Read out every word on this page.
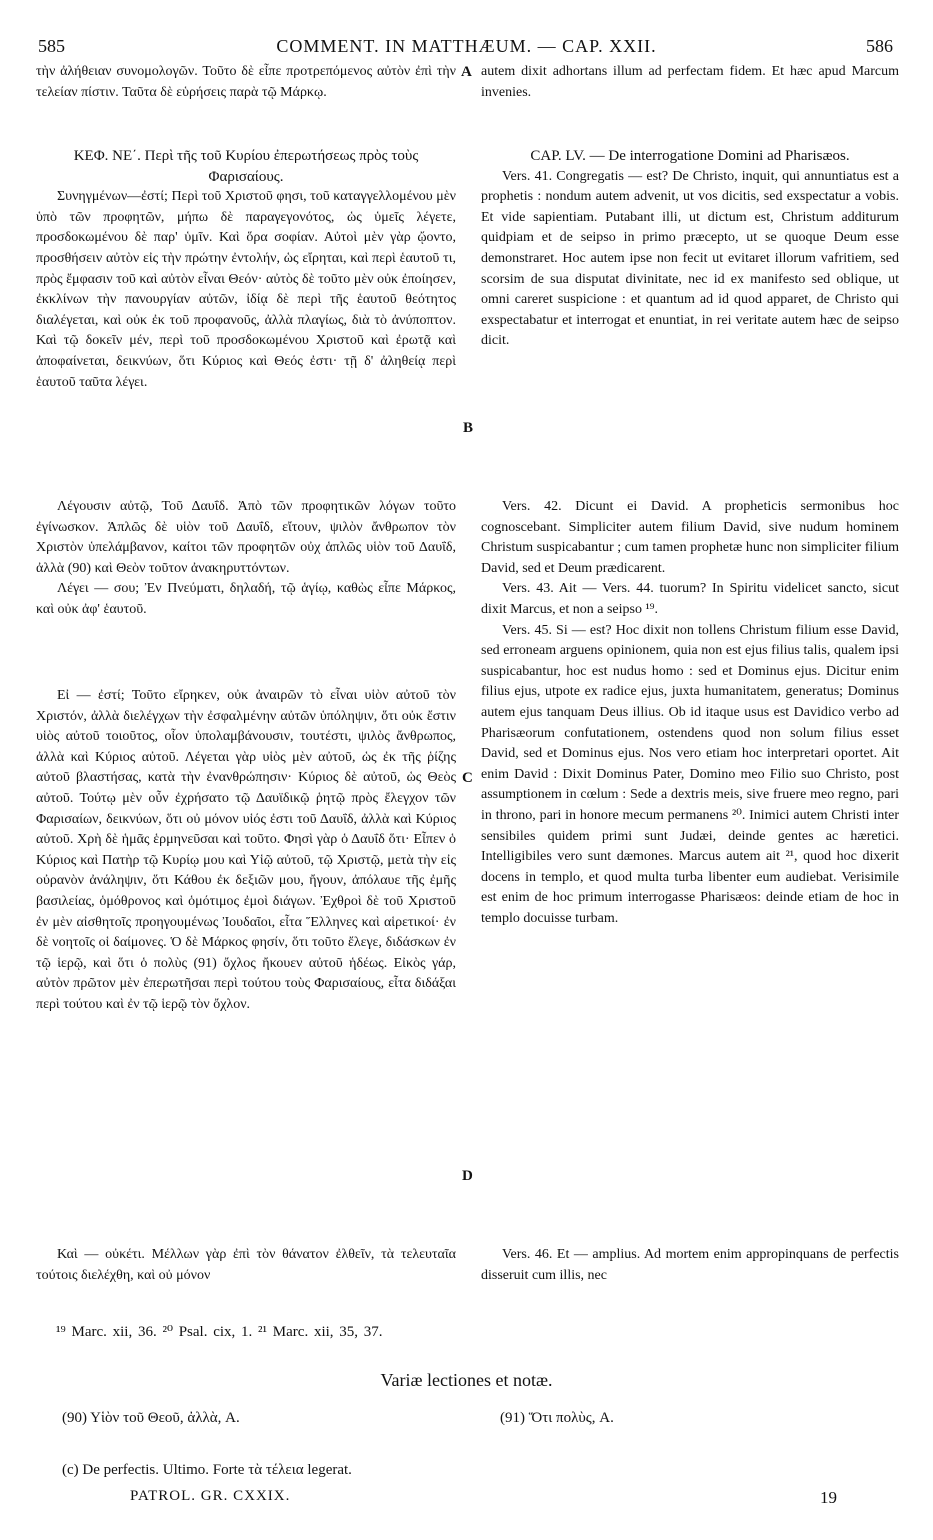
585	COMMENT. IN MATTHÆUM. — CAP. XXII.	586

τὴν ἀλήθειαν συνομολογῶν. Τοῦτο δὲ εἶπε προτρεπόμενος αὐτὸν ἐπὶ τὴν τελείαν πίστιν. Ταῦτα δὲ εὑρήσεις παρὰ τῷ Μάρκῳ.

ΚΕΦ. ΝΕ΄. Περὶ τῆς τοῦ Κυρίου ἐπερωτήσεως πρὸς τοὺς Φαρισαίους.

Συνηγμένων—ἐστί; Περὶ τοῦ Χριστοῦ φησι, τοῦ καταγγελλομένου μὲν ὑπὸ τῶν προφητῶν, μήπω δὲ παραγεγονότος, ὡς ὑμεῖς λέγετε, προσδοκωμένου δὲ παρ' ὑμῖν. Καὶ ὅρα σοφίαν. Αὐτοὶ μὲν γὰρ ᾤοντο, προσθήσειν αὐτὸν εἰς τὴν πρώτην ἐντολήν, ὡς εἴρηται, καὶ περὶ ἑαυτοῦ τι, πρὸς ἔμφασιν τοῦ καὶ αὐτὸν εἶναι Θεόν· αὐτὸς δὲ τοῦτο μὲν οὐκ ἐποίησεν, ἐκκλίνων τὴν πανουργίαν αὐτῶν, ἰδίᾳ δὲ περὶ τῆς ἑαυτοῦ θεότητος διαλέγεται, καὶ οὐκ ἐκ τοῦ προφανοῦς, ἀλλὰ πλαγίως, διὰ τὸ ἀνύποπτον. Καὶ τῷ δοκεῖν μέν, περὶ τοῦ προσδοκωμένου Χριστοῦ καὶ ἐρωτᾷ καὶ ἀποφαίνεται, δεικνύων, ὅτι Κύριος καὶ Θεός ἐστι· τῇ δ' ἀληθείᾳ περὶ ἑαυτοῦ ταῦτα λέγει.

Λέγουσιν αὐτῷ, Τοῦ Δαυΐδ. Ἀπὸ τῶν προφητικῶν λόγων τοῦτο ἐγίνωσκον. Ἁπλῶς δὲ υἱὸν τοῦ Δαυΐδ, εἴτουν, ψιλὸν ἄνθρωπον τὸν Χριστὸν ὑπελάμβανον, καίτοι τῶν προφητῶν οὐχ ἁπλῶς υἱὸν τοῦ Δαυΐδ, ἀλλὰ (90) καὶ Θεὸν τοῦτον ἀνακηρυττόντων.

Λέγει — σου; Ἐν Πνεύματι, δηλαδή, τῷ ἁγίῳ, καθὼς εἶπε Μάρκος, καὶ οὐκ ἀφ' ἑαυτοῦ.

Εἰ — ἐστί; Τοῦτο εἴρηκεν, οὐκ ἀναιρῶν τὸ εἶναι υἱὸν αὐτοῦ τὸν Χριστόν, ἀλλὰ διελέγχων τὴν ἐσφαλμένην αὐτῶν ὑπόληψιν, ὅτι οὐκ ἔστιν υἱὸς αὐτοῦ τοιοῦτος, οἷον ὑπολαμβάνουσιν, τουτέστι, ψιλὸς ἄνθρωπος, ἀλλὰ καὶ Κύριος αὐτοῦ. Λέγεται γὰρ υἱὸς μὲν αὐτοῦ, ὡς ἐκ τῆς ῥίζης αὐτοῦ βλαστήσας, κατὰ τὴν ἐνανθρώπησιν· Κύριος δὲ αὐτοῦ, ὡς Θεὸς αὐτοῦ. Τούτῳ μὲν οὖν ἐχρήσατο τῷ Δαυϊδικῷ ῥητῷ πρὸς ἔλεγχον τῶν Φαρισαίων, δεικνύων, ὅτι οὐ μόνον υἱός ἐστι τοῦ Δαυΐδ, ἀλλὰ καὶ Κύριος αὐτοῦ. Χρὴ δὲ ἡμᾶς ἑρμηνεῦσαι καὶ τοῦτο. Φησὶ γὰρ ὁ Δαυΐδ ὅτι· Εἶπεν ὁ Κύριος καὶ Πατὴρ τῷ Κυρίῳ μου καὶ Υἱῷ αὐτοῦ, τῷ Χριστῷ, μετὰ τὴν εἰς οὐρανὸν ἀνάληψιν, ὅτι Κάθου ἐκ δεξιῶν μου, ἤγουν, ἀπόλαυε τῆς ἐμῆς βασιλείας, ὁμόθρονος καὶ ὁμότιμος ἐμοὶ διάγων. Ἐχθροὶ δὲ τοῦ Χριστοῦ ἐν μὲν αἰσθητοῖς προηγουμένως Ἰουδαῖοι, εἶτα Ἕλληνες καὶ αἱρετικοί· ἐν δὲ νοητοῖς οἱ δαίμονες. Ὁ δὲ Μάρκος φησίν, ὅτι τοῦτο ἔλεγε, διδάσκων ἐν τῷ ἱερῷ, καὶ ὅτι ὁ πολὺς (91) ὄχλος ἤκουεν αὐτοῦ ἡδέως. Εἰκὸς γάρ, αὐτὸν πρῶτον μὲν ἐπερωτῆσαι περὶ τούτου τοὺς Φαρισαίους, εἶτα διδάξαι περὶ τούτου καὶ ἐν τῷ ἱερῷ τὸν ὄχλον.

Καὶ — οὐκέτι. Μέλλων γὰρ ἐπὶ τὸν θάνατον ἐλθεῖν, τὰ τελευταῖα τούτοις διελέχθη, καὶ οὐ μόνον

A
B
C
D

autem dixit adhortans illum ad perfectam fidem. Et hæc apud Marcum invenies.

CAP. LV. — De interrogatione Domini ad Pharisæos.

Vers. 41. Congregatis — est? De Christo, inquit, qui annuntiatus est a prophetis : nondum autem advenit, ut vos dicitis, sed exspectatur a vobis. Et vide sapientiam. Putabant illi, ut dictum est, Christum additurum quidpiam et de seipso in primo præcepto, ut se quoque Deum esse demonstraret. Hoc autem ipse non fecit ut evitaret illorum vafritiem, sed scorsim de sua disputat divinitate, nec id ex manifesto sed oblique, ut omni careret suspicione : et quantum ad id quod apparet, de Christo qui exspectabatur et interrogat et enuntiat, in rei veritate autem hæc de seipso dicit.

Vers. 42. Dicunt ei David. A propheticis sermonibus hoc cognoscebant. Simpliciter autem filium David, sive nudum hominem Christum suspicabantur ; cum tamen prophetæ hunc non simpliciter filium David, sed et Deum prædicarent.

Vers. 43. Ait — Vers. 44. tuorum? In Spiritu videlicet sancto, sicut dixit Marcus, et non a seipso ¹⁹.

Vers. 45. Si — est? Hoc dixit non tollens Christum filium esse David, sed erroneam arguens opinionem, quia non est ejus filius talis, qualem ipsi suspicabantur, hoc est nudus homo : sed et Dominus ejus. Dicitur enim filius ejus, utpote ex radice ejus, juxta humanitatem, generatus; Dominus autem ejus tanquam Deus illius. Ob id itaque usus est Davidico verbo ad Pharisæorum confutationem, ostendens quod non solum filius esset David, sed et Dominus ejus. Nos vero etiam hoc interpretari oportet. Ait enim David : Dixit Dominus Pater, Domino meo Filio suo Christo, post assumptionem in cœlum : Sede a dextris meis, sive fruere meo regno, pari in throno, pari in honore mecum permanens ²⁰. Inimici autem Christi inter sensibiles quidem primi sunt Judæi, deinde gentes ac hæretici. Intelligibiles vero sunt dæmones. Marcus autem ait ²¹, quod hoc dixerit docens in templo, et quod multa turba libenter eum audiebat. Verisimile est enim de hoc primum interrogasse Pharisæos: deinde etiam de hoc in templo docuisse turbam.

Vers. 46. Et — amplius. Ad mortem enim appropinquans de perfectis disseruit cum illis, nec

¹⁹ Marc. xii, 36. ²⁰ Psal. cix, 1. ²¹ Marc. xii, 35, 37.
Variæ lectiones et notæ.
(90) Υἱὸν τοῦ Θεοῦ, ἀλλὰ, A.	(91) Ὅτι πολὺς, A.
(c) De perfectis. Ultimo. Forte τὰ τέλεια legerat.
PATROL. GR. CXXIX.	19
